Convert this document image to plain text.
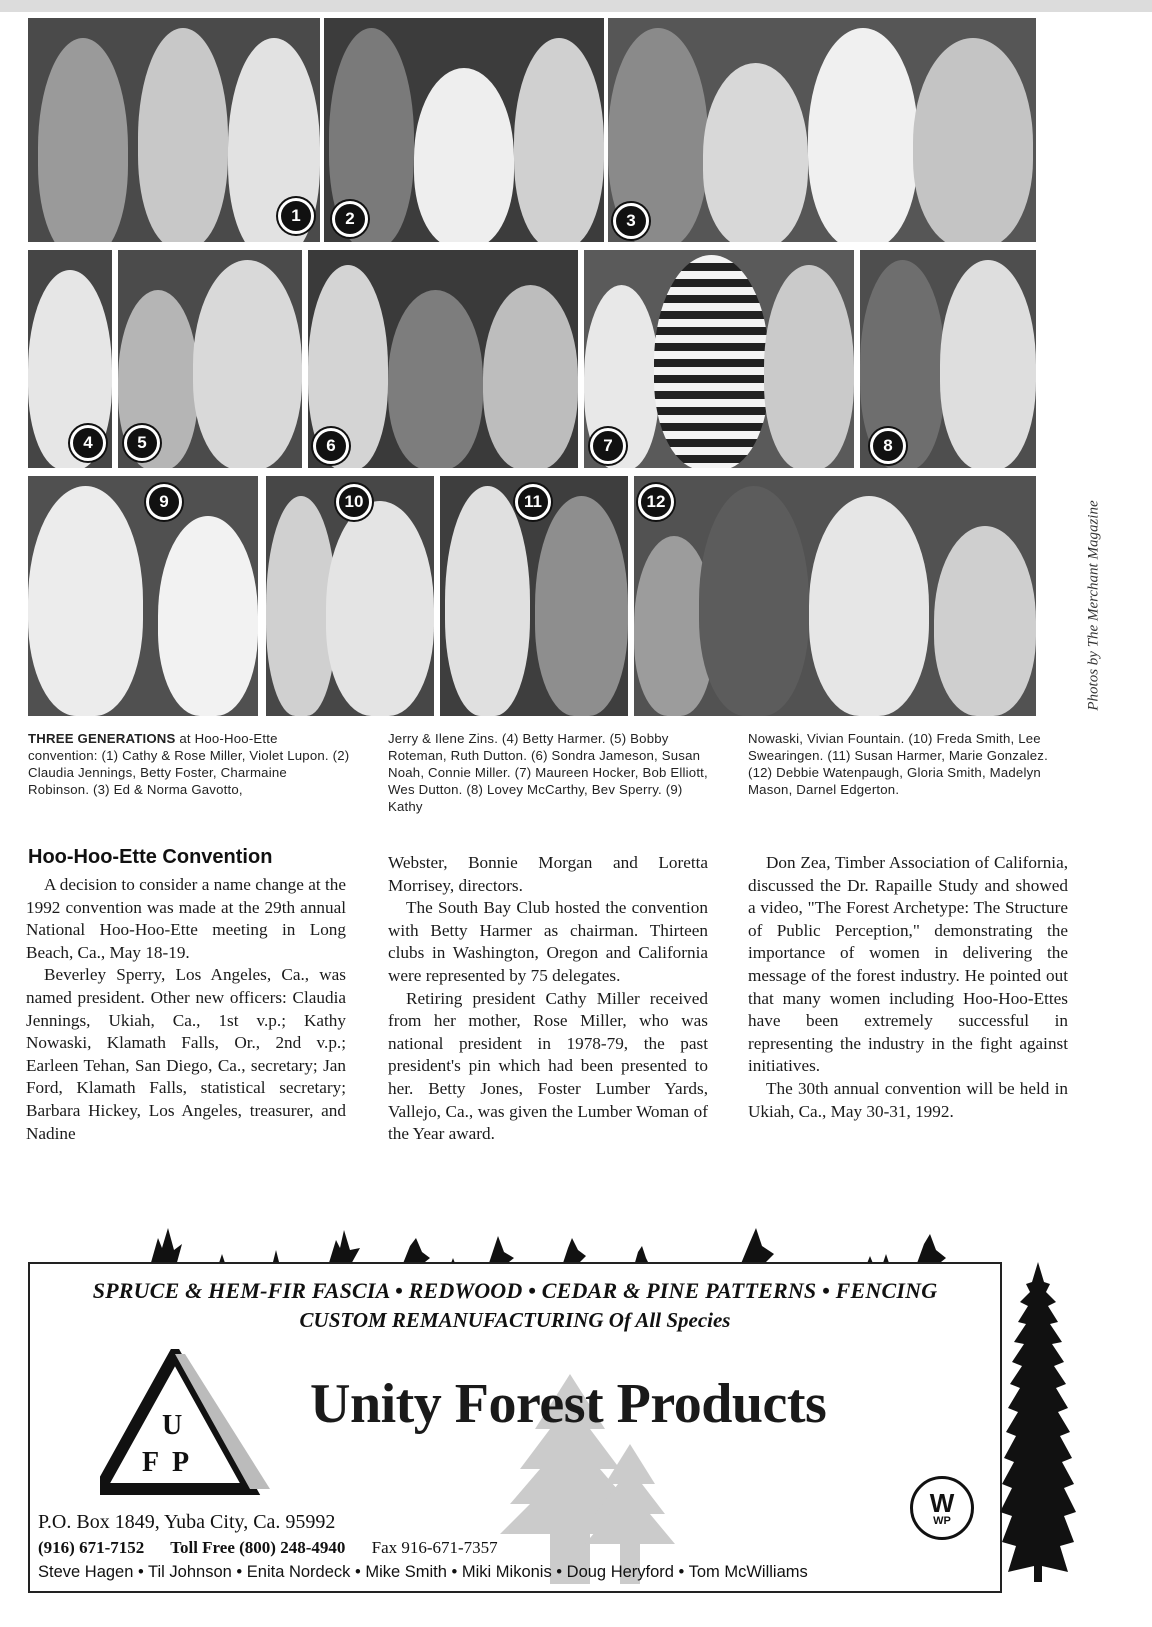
1	2	3
4	5	6	7	8
9	10	11	12	Photos by The Merchant Magazine
THREE GENERATIONS at Hoo-Hoo-Ette convention: (1) Cathy & Rose Miller, Violet Lupon. (2) Claudia Jennings, Betty Foster, Charmaine Robinson. (3) Ed & Norma Gavotto,
Jerry & Ilene Zins. (4) Betty Harmer. (5) Bobby Roteman, Ruth Dutton. (6) Sondra Jameson, Susan Noah, Connie Miller. (7) Maureen Hocker, Bob Elliott, Wes Dutton. (8) Lovey McCarthy, Bev Sperry. (9) Kathy
Nowaski, Vivian Fountain. (10) Freda Smith, Lee Swearingen. (11) Susan Harmer, Marie Gonzalez. (12) Debbie Watenpaugh, Gloria Smith, Madelyn Mason, Darnel Edgerton.
Hoo-Hoo-Ette Convention

A decision to consider a name change at the 1992 convention was made at the 29th annual National Hoo-Hoo-Ette meeting in Long Beach, Ca., May 18-19.

Beverley Sperry, Los Angeles, Ca., was named president. Other new officers: Claudia Jennings, Ukiah, Ca., 1st v.p.; Kathy Nowaski, Klamath Falls, Or., 2nd v.p.; Earleen Tehan, San Diego, Ca., secretary; Jan Ford, Klamath Falls, statistical secretary; Barbara Hickey, Los Angeles, treasurer, and Nadine

Webster, Bonnie Morgan and Loretta Morrisey, directors.

The South Bay Club hosted the convention with Betty Harmer as chairman. Thirteen clubs in Washington, Oregon and California were represented by 75 delegates.

Retiring president Cathy Miller received from her mother, Rose Miller, who was national president in 1978-79, the past president's pin which had been presented to her. Betty Jones, Foster Lumber Yards, Vallejo, Ca., was given the Lumber Woman of the Year award.

Don Zea, Timber Association of California, discussed the Dr. Rapaille Study and showed a video, "The Forest Archetype: The Structure of Public Perception," demonstrating the importance of women in delivering the message of the forest industry. He pointed out that many women including Hoo-Hoo-Ettes have been extremely successful in representing the industry in the fight against initiatives.

The 30th annual convention will be held in Ukiah, Ca., May 30-31, 1992.

SPRUCE & HEM-FIR FASCIA • REDWOOD • CEDAR & PINE PATTERNS • FENCING
CUSTOM REMANUFACTURING Of All Species
U
F P
Unity Forest Products
W
WP
P.O. Box 1849, Yuba City, Ca. 95992
(916) 671-7152 Toll Free (800) 248-4940 Fax 916-671-7357
Steve Hagen • Til Johnson • Enita Nordeck • Mike Smith • Miki Mikonis • Doug Heryford • Tom McWilliams
